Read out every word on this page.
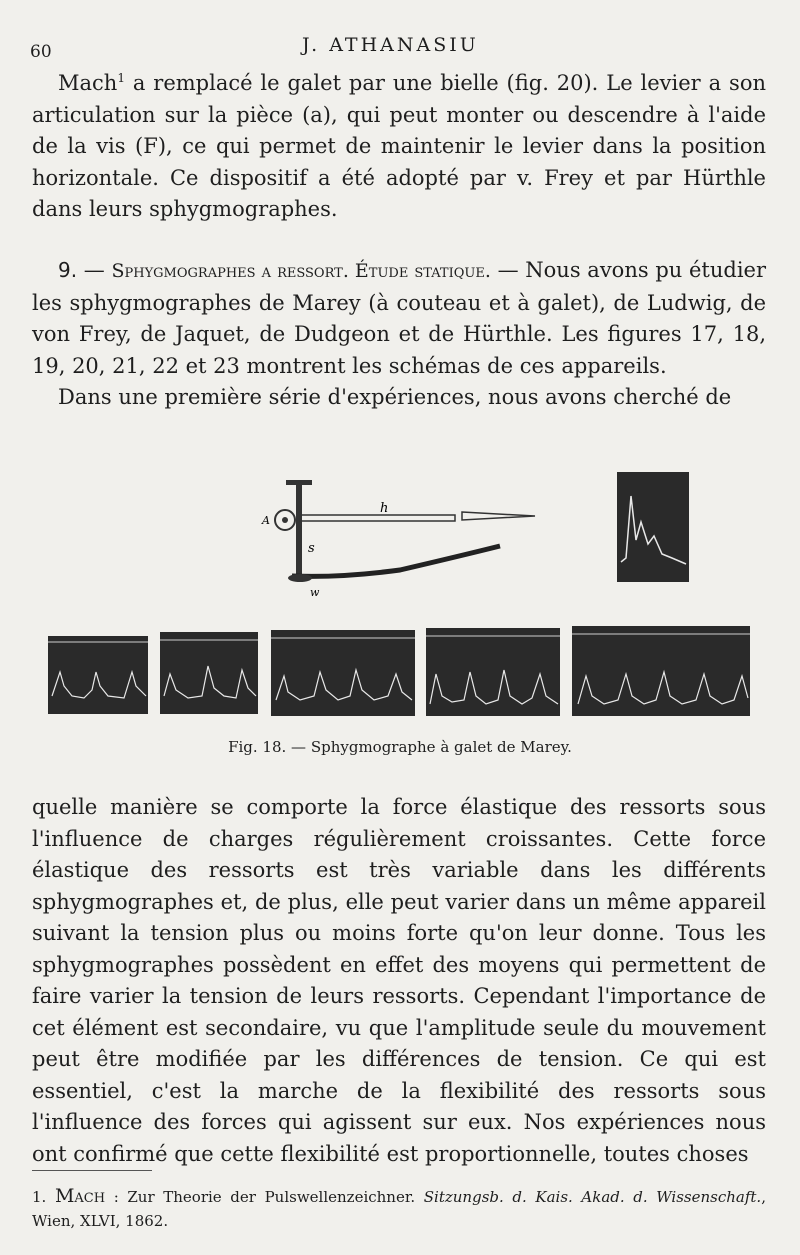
60	J. ATHANASIU

Mach$^1$ a remplacé le galet par une bielle (fig. 20). Le levier a son articulation sur la pièce (a), qui peut monter ou descendre à l'aide de la vis (F), ce qui permet de maintenir le levier dans la position horizontale. Ce dispositif a été adopté par v. Frey et par Hürthle dans leurs sphygmographes.

9. — Sphygmographes a ressort. Étude statique. — Nous avons pu étudier les sphygmographes de Marey (à couteau et à galet), de Ludwig, de von Frey, de Jaquet, de Dudgeon et de Hürthle. Les figures 17, 18, 19, 20, 21, 22 et 23 montrent les schémas de ces appareils.

Dans une première série d'expériences, nous avons cherché de

h
s
w
A
Fig. 18. — Sphygmographe à galet de Marey.

quelle manière se comporte la force élastique des ressorts sous l'influence de charges régulièrement croissantes. Cette force élastique des ressorts est très variable dans les différents sphygmographes et, de plus, elle peut varier dans un même appareil suivant la tension plus ou moins forte qu'on leur donne. Tous les sphygmographes possèdent en effet des moyens qui permettent de faire varier la tension de leurs ressorts. Cependant l'importance de cet élément est secondaire, vu que l'amplitude seule du mouvement peut être modifiée par les différences de tension. Ce qui est essentiel, c'est la marche de la flexibilité des ressorts sous l'influence des forces qui agissent sur eux. Nos expériences nous ont confirmé que cette flexibilité est proportionnelle, toutes choses

1. Mach : Zur Theorie der Pulswellenzeichner. Sitzungsb. d. Kais. Akad. d. Wissenschaft., Wien, XLVI, 1862.
